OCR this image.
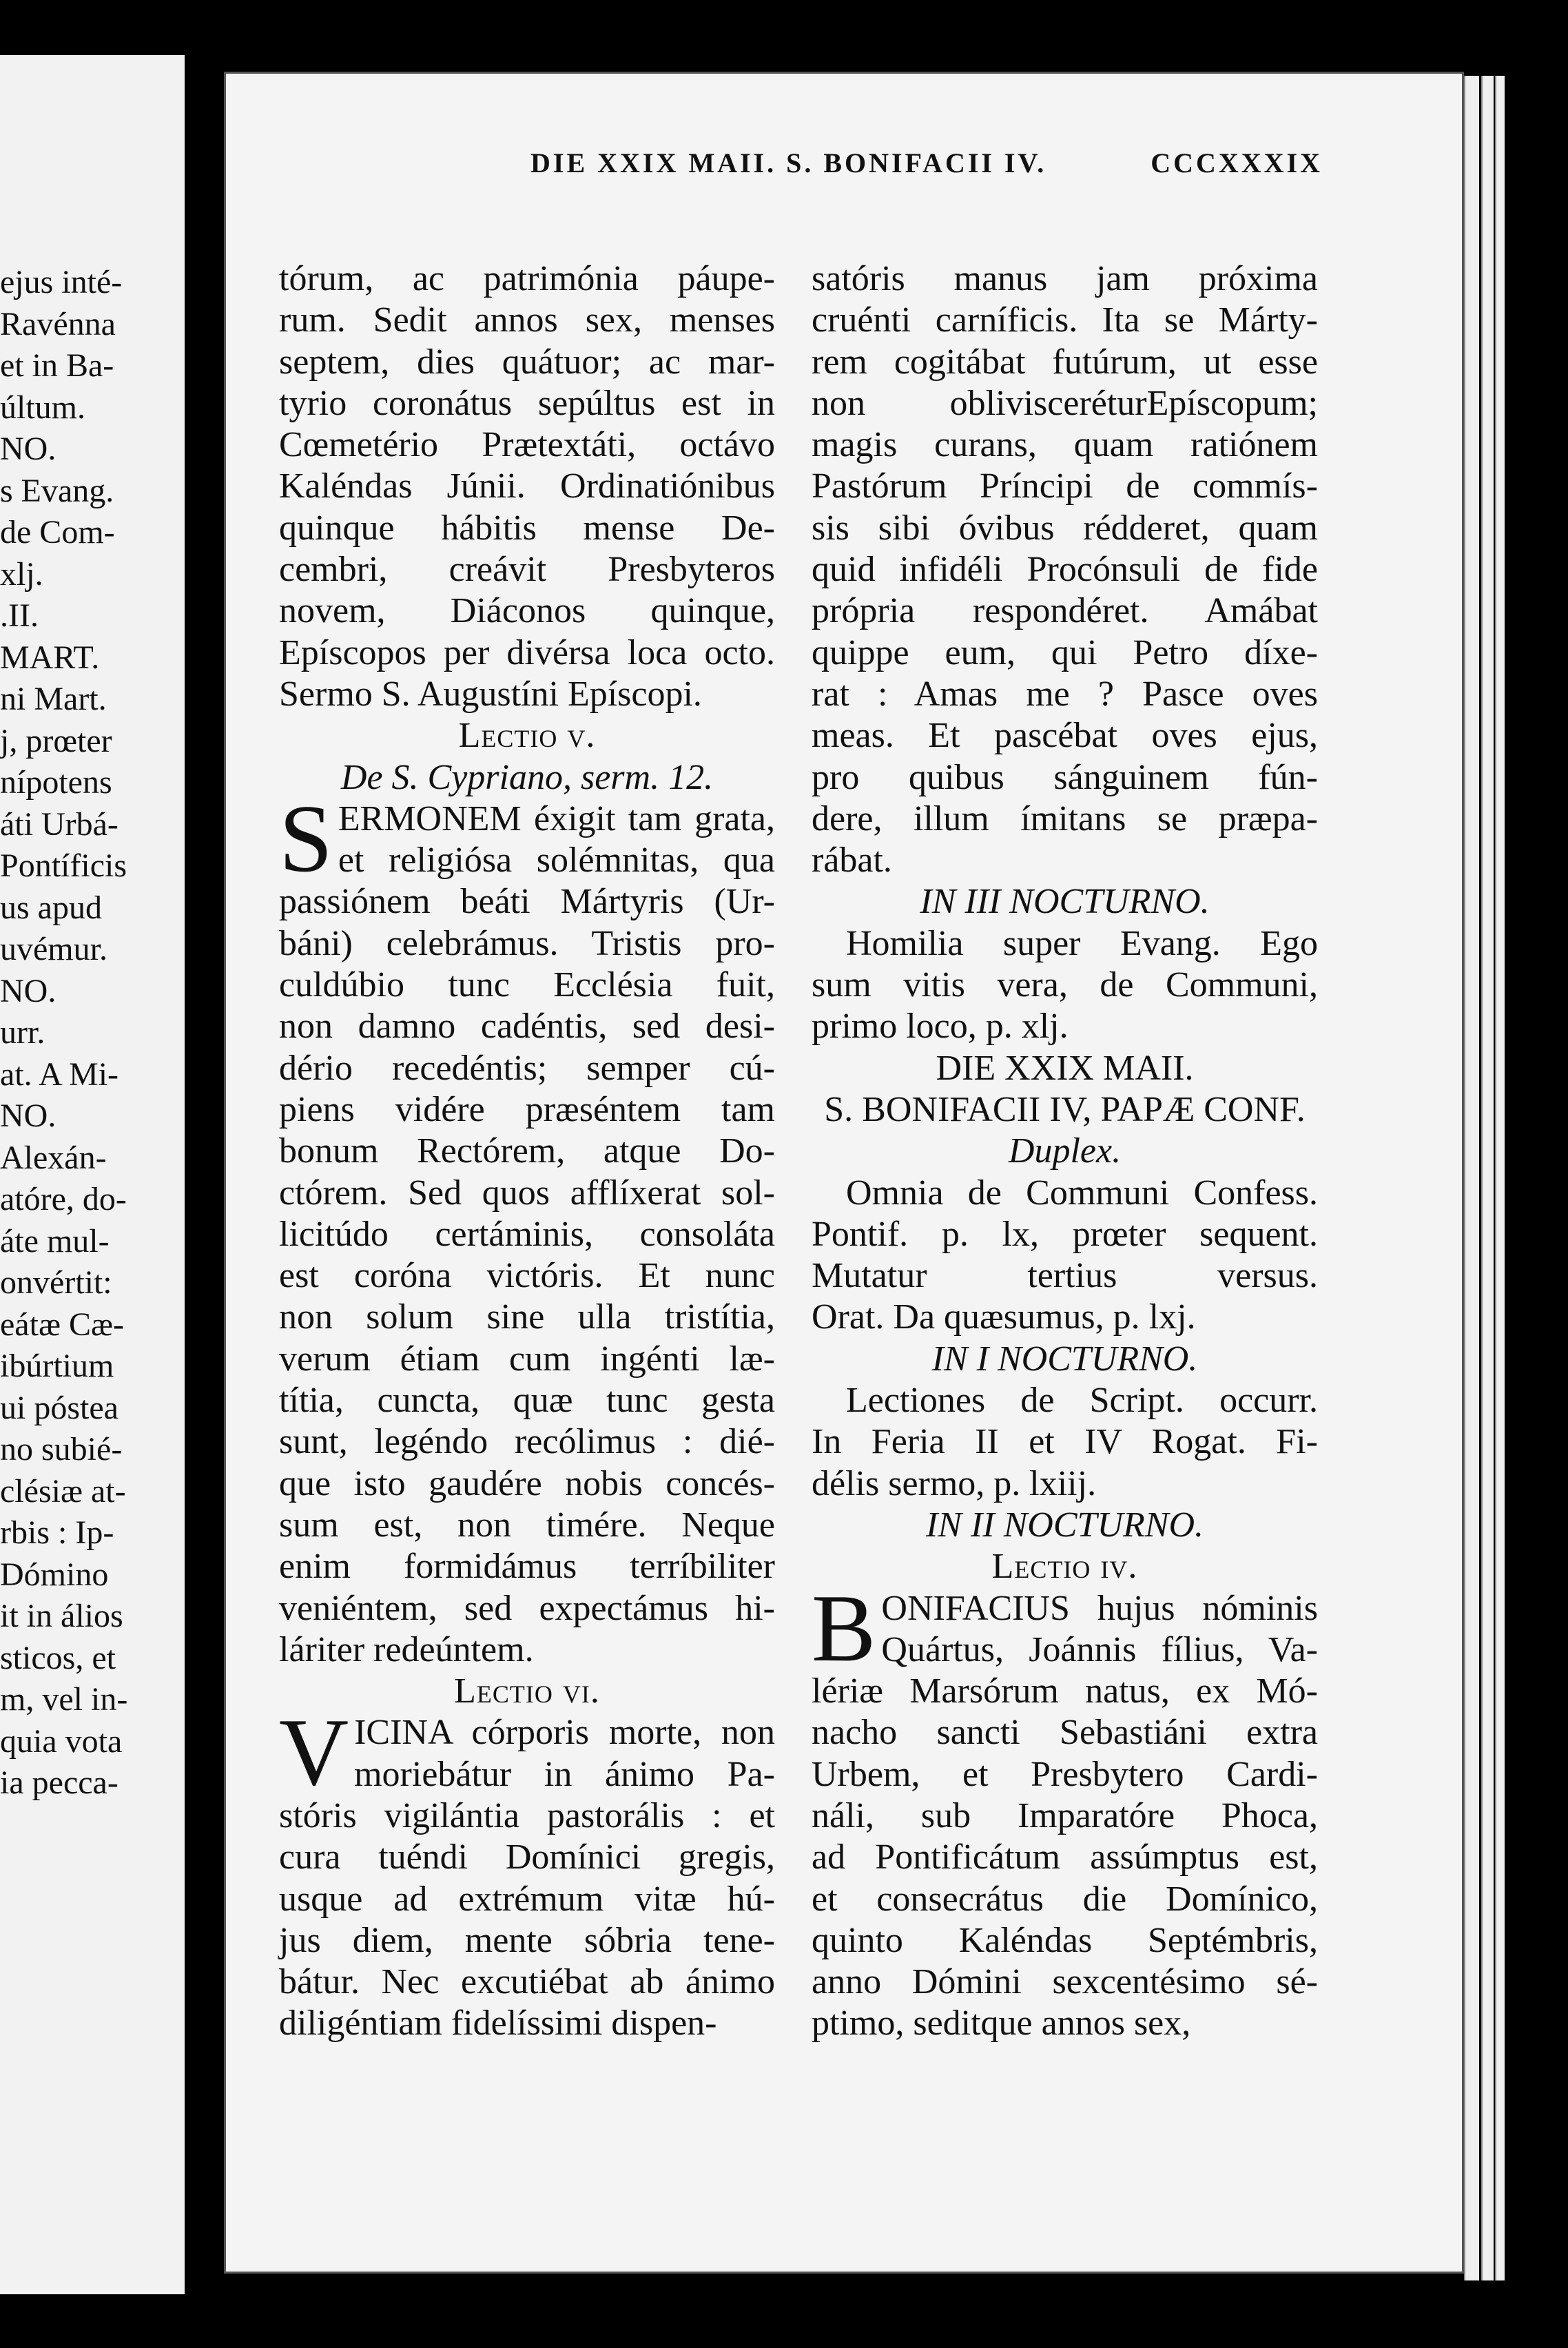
ejus inté-
Ravénna
et in Ba-
últum.
NO.
s Evang.
de Com-
xlj.
.II.
MART.
ni Mart.
j, prœter
nípotens
áti Urbá-
Pontíficis
us apud
uvémur.
NO.
urr.
at. A Mi-
NO.
Alexán-
atóre, do-
áte mul-
onvértit:
eátæ Cæ-
ibúrtium
ui póstea
no subié-
clésiæ at-
rbis : Ip-
Dómino
it in álios
sticos, et
m, vel in-
quia vota
ia pecca-
DIE XXIX MAII. S. BONIFACII IV.	CCCXXXIX

tórum, ac patrimónia páupe-

rum. Sedit annos sex, menses

septem, dies quátuor; ac mar-

tyrio coronátus sepúltus est in

Cœmetério Prætextáti, octávo

Kaléndas Júnii. Ordinatiónibus

quinque hábitis mense De-

cembri, creávit Presbyteros

novem, Diáconos quinque,

Epíscopos per divérsa loca octo.

Sermo S. Augustíni Epíscopi.

Lectio v.

De S. Cypriano, serm. 12.

S ERMONEM éxigit tam grata,

et religiósa solémnitas, qua

passiónem beáti Mártyris (Ur-

báni) celebrámus. Tristis pro-

culdúbio tunc Ecclésia fuit,

non damno cadéntis, sed desi-

dério recedéntis; semper cú-

piens vidére præséntem tam

bonum Rectórem, atque Do-

ctórem. Sed quos afflíxerat sol-

licitúdo certáminis, consoláta

est coróna victóris. Et nunc

non solum sine ulla tristítia,

verum étiam cum ingénti læ-

títia, cuncta, quæ tunc gesta

sunt, legéndo recólimus : dié-

que isto gaudére nobis concés-

sum est, non timére. Neque

enim formidámus terríbiliter

veniéntem, sed expectámus hi-

láriter redeúntem.

Lectio vi.

V ICINA córporis morte, non

moriebátur in ánimo Pa-

stóris vigilántia pastorális : et

cura tuéndi Domínici gregis,

usque ad extrémum vitæ hú-

jus diem, mente sóbria tene-

bátur. Nec excutiébat ab ánimo

diligéntiam fidelíssimi dispen-

satóris manus jam próxima

cruénti carníficis. Ita se Márty-

rem cogitábat futúrum, ut esse

non oblivisceréturEpíscopum;

magis curans, quam ratiónem

Pastórum Príncipi de commís-

sis sibi óvibus rédderet, quam

quid infidéli Procónsuli de fide

própria respondéret. Amábat

quippe eum, qui Petro díxe-

rat : Amas me ? Pasce oves

meas. Et pascébat oves ejus,

pro quibus sánguinem fún-

dere, illum ímitans se præpa-

rábat.

IN III NOCTURNO.

Homilia super Evang. Ego

sum vitis vera, de Communi,

primo loco, p. xlj.

DIE XXIX MAII.

S. BONIFACII IV, PAPÆ CONF.

Duplex.

Omnia de Communi Confess.

Pontif. p. lx, prœter sequent.

Mutatur tertius versus.

Orat. Da quæsumus, p. lxj.

IN I NOCTURNO.

Lectiones de Script. occurr.

In Feria II et IV Rogat. Fi-

délis sermo, p. lxiij.

IN II NOCTURNO.

Lectio iv.

B ONIFACIUS hujus nóminis

Quártus, Joánnis fílius, Va-

lériæ Marsórum natus, ex Mó-

nacho sancti Sebastiáni extra

Urbem, et Presbytero Cardi-

náli, sub Imparatóre Phoca,

ad Pontificátum assúmptus est,

et consecrátus die Domínico,

quinto Kaléndas Septémbris,

anno Dómini sexcentésimo sé-

ptimo, seditque annos sex,
